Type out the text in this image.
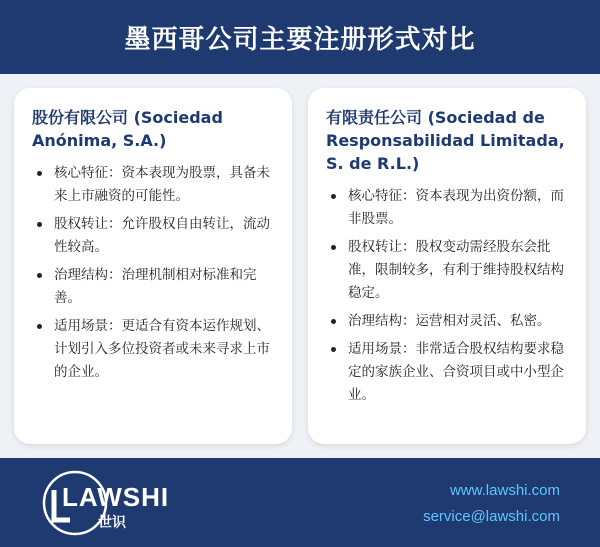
墨西哥公司主要注册形式对比
股份有限公司 (Sociedad Anónima, S.A.)
核心特征：资本表现为股票，具备未来上市融资的可能性。
股权转让：允许股权自由转让，流动性较高。
治理结构：治理机制相对标准和完善。
适用场景：更适合有资本运作规划、计划引入多位投资者或未来寻求上市的企业。
有限责任公司 (Sociedad de Responsabilidad Limitada, S. de R.L.)
核心特征：资本表现为出资份额，而非股票。
股权转让：股权变动需经股东会批准，限制较多，有利于维持股权结构稳定。
治理结构：运营相对灵活、私密。
适用场景：非常适合股权结构要求稳定的家族企业、合资项目或中小型企业。
LAWSHI
世识
www.lawshi.com
service@lawshi.com
